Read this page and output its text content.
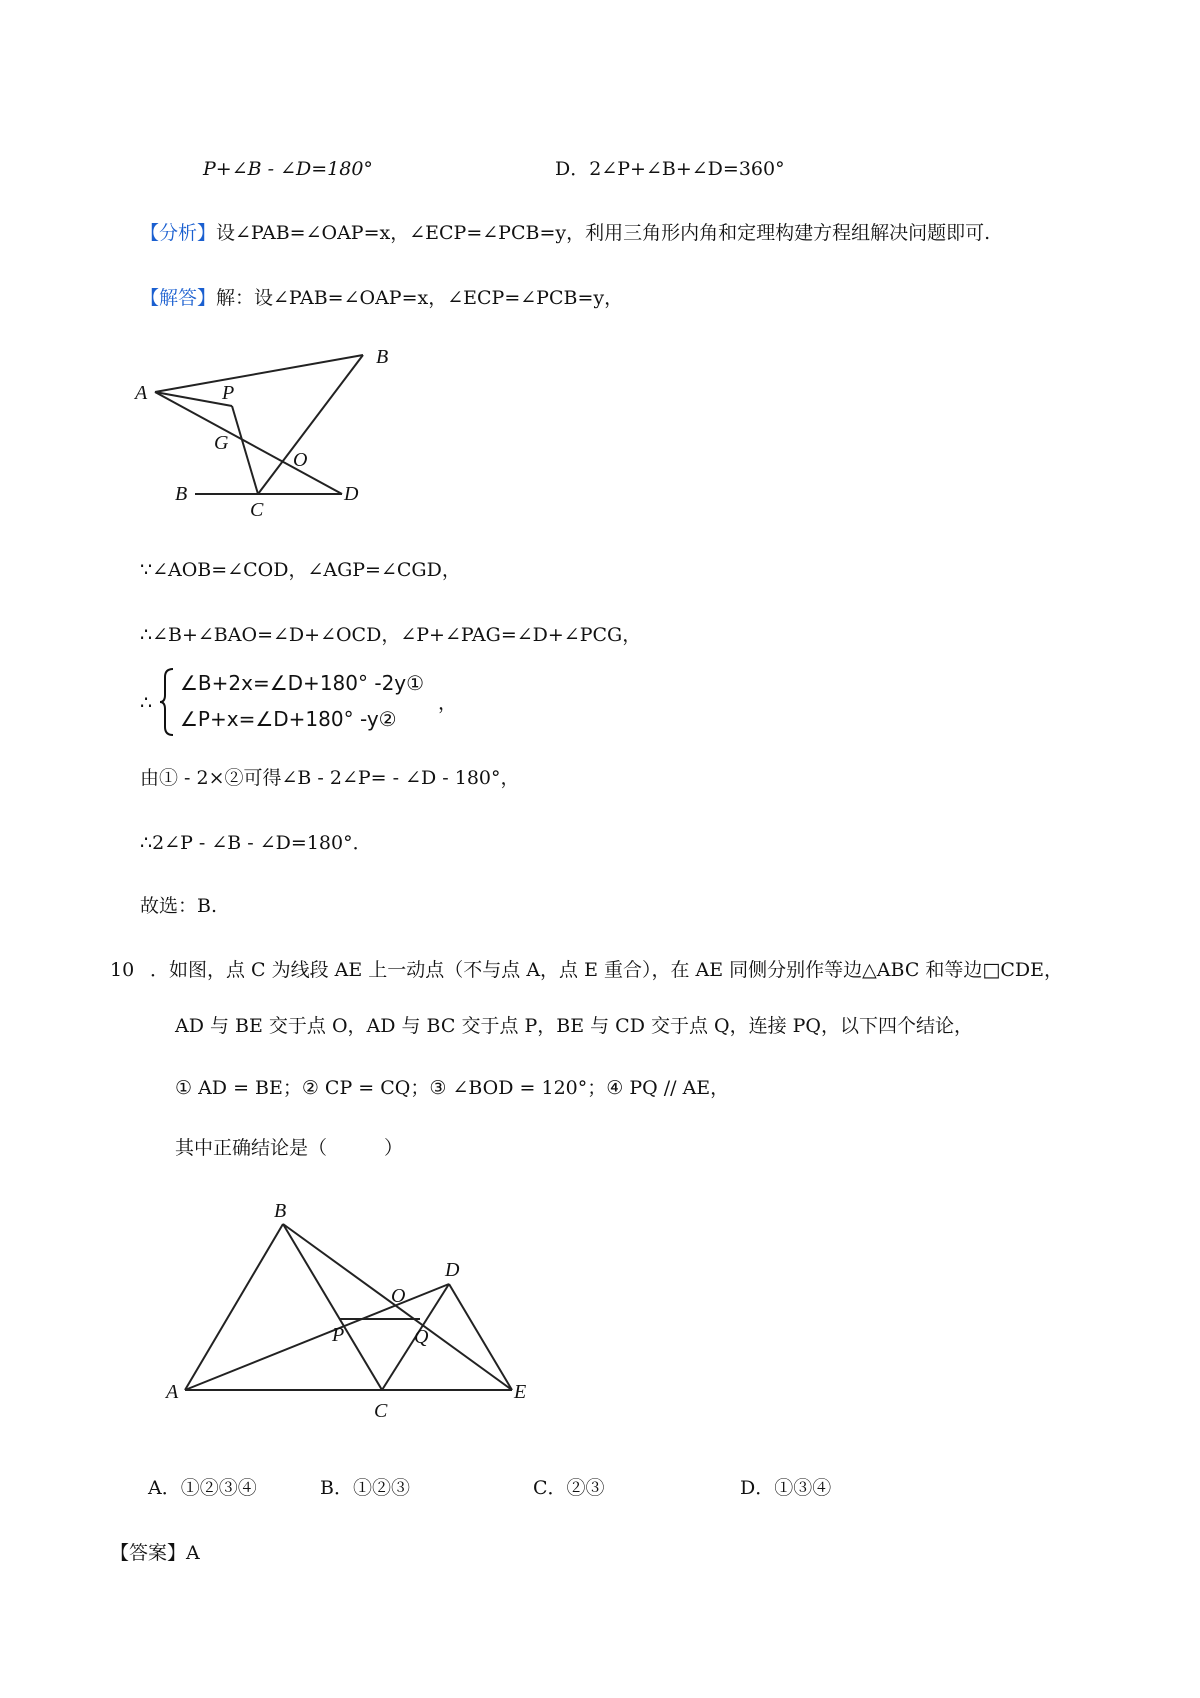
P+∠B - ∠D=180°	D．2∠P+∠B+∠D=360°
【分析】设∠PAB=∠OAP=x，∠ECP=∠PCB=y，利用三角形内角和定理构建方程组解决问题即可.
【解答】解：设∠PAB=∠OAP=x，∠ECP=∠PCB=y，
A
B
P
G
O
B
C
D
∵∠AOB=∠COD，∠AGP=∠CGD，
∴∠B+∠BAO=∠D+∠OCD，∠P+∠PAG=∠D+∠PCG，
∴
∠B+2x=∠D+180° -2y①
∠P+x=∠D+180° -y②
，
由① - 2×②可得∠B - 2∠P= - ∠D - 180°，
∴2∠P - ∠B - ∠D=180°．
故选：B.
10 ．如图，点 C 为线段 AE 上一动点（不与点 A，点 E 重合），在 AE 同侧分别作等边△ABC 和等边□CDE，
AD 与 BE 交于点 O，AD 与 BC 交于点 P，BE 与 CD 交于点 Q，连接 PQ，以下四个结论，
① AD = BE；② CP = CQ；③ ∠BOD = 120°；④ PQ // AE，
其中正确结论是（　　　）
B
D
O
P	Q
A
C
E
A．①②③④	B．①②③	C．②③	D．①③④
【答案】A
